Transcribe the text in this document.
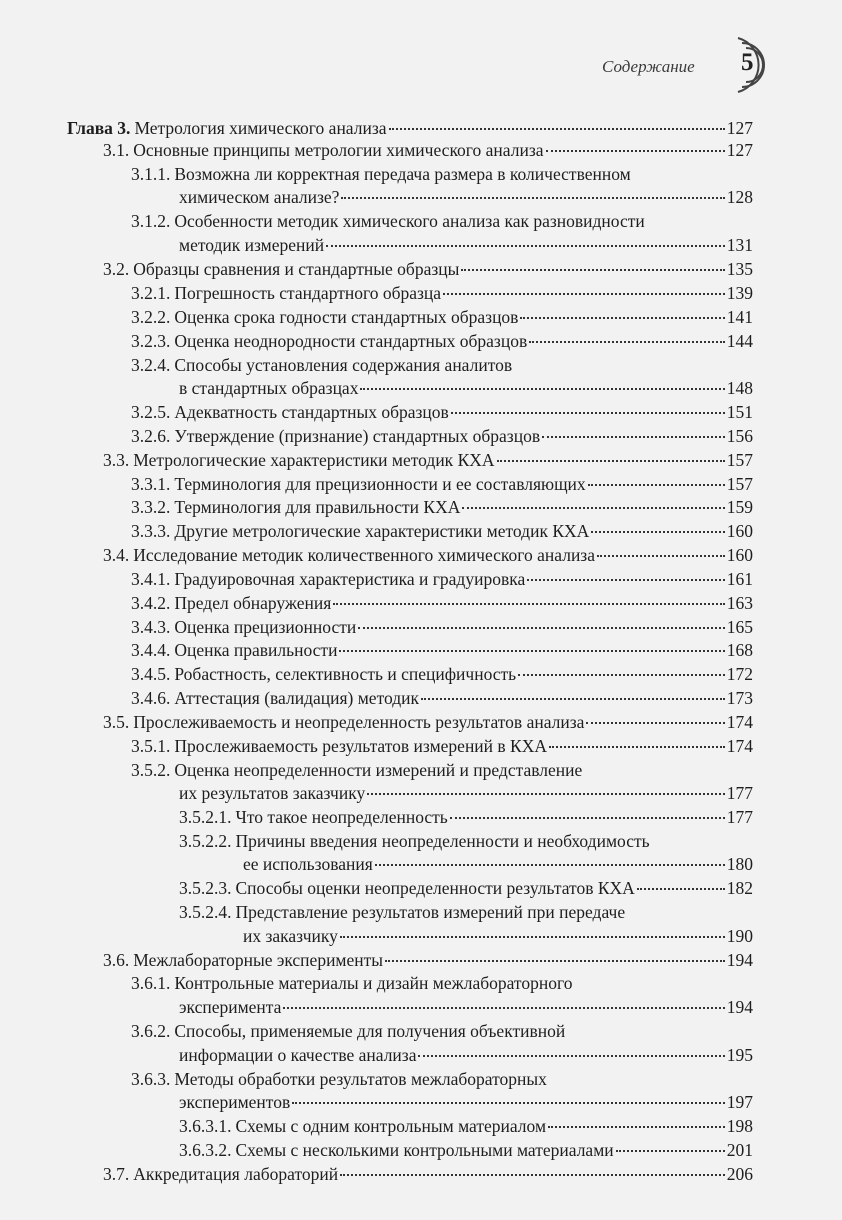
Содержание 5
Глава 3. Метрология химического анализа	127
3.1. Основные принципы метрологии химического анализа	127
3.1.1. Возможна ли корректная передача размера в количественном
химическом анализе?	128
3.1.2. Особенности методик химического анализа как разновидности
методик измерений	131
3.2. Образцы сравнения и стандартные образцы	135
3.2.1. Погрешность стандартного образца	139
3.2.2. Оценка срока годности стандартных образцов	141
3.2.3. Оценка неоднородности стандартных образцов	144
3.2.4. Способы установления содержания аналитов
в стандартных образцах	148
3.2.5. Адекватность стандартных образцов	151
3.2.6. Утверждение (признание) стандартных образцов	156
3.3. Метрологические характеристики методик КХА	157
3.3.1. Терминология для прецизионности и ее составляющих	157
3.3.2. Терминология для правильности КХА	159
3.3.3. Другие метрологические характеристики методик КХА	160
3.4. Исследование методик количественного химического анализа	160
3.4.1. Градуировочная характеристика и градуировка	161
3.4.2. Предел обнаружения	163
3.4.3. Оценка прецизионности	165
3.4.4. Оценка правильности	168
3.4.5. Робастность, селективность и специфичность	172
3.4.6. Аттестация (валидация) методик	173
3.5. Прослеживаемость и неопределенность результатов анализа	174
3.5.1. Прослеживаемость результатов измерений в КХА	174
3.5.2. Оценка неопределенности измерений и представление
их результатов заказчику	177
3.5.2.1. Что такое неопределенность	177
3.5.2.2. Причины введения неопределенности и необходимость
ее использования	180
3.5.2.3. Способы оценки неопределенности результатов КХА	182
3.5.2.4. Представление результатов измерений при передаче
их заказчику	190
3.6. Межлабораторные эксперименты	194
3.6.1. Контрольные материалы и дизайн межлабораторного
эксперимента	194
3.6.2. Способы, применяемые для получения объективной
информации о качестве анализа	195
3.6.3. Методы обработки результатов межлабораторных
экспериментов	197
3.6.3.1. Схемы с одним контрольным материалом	198
3.6.3.2. Схемы с несколькими контрольными материалами	201
3.7. Аккредитация лабораторий	206
